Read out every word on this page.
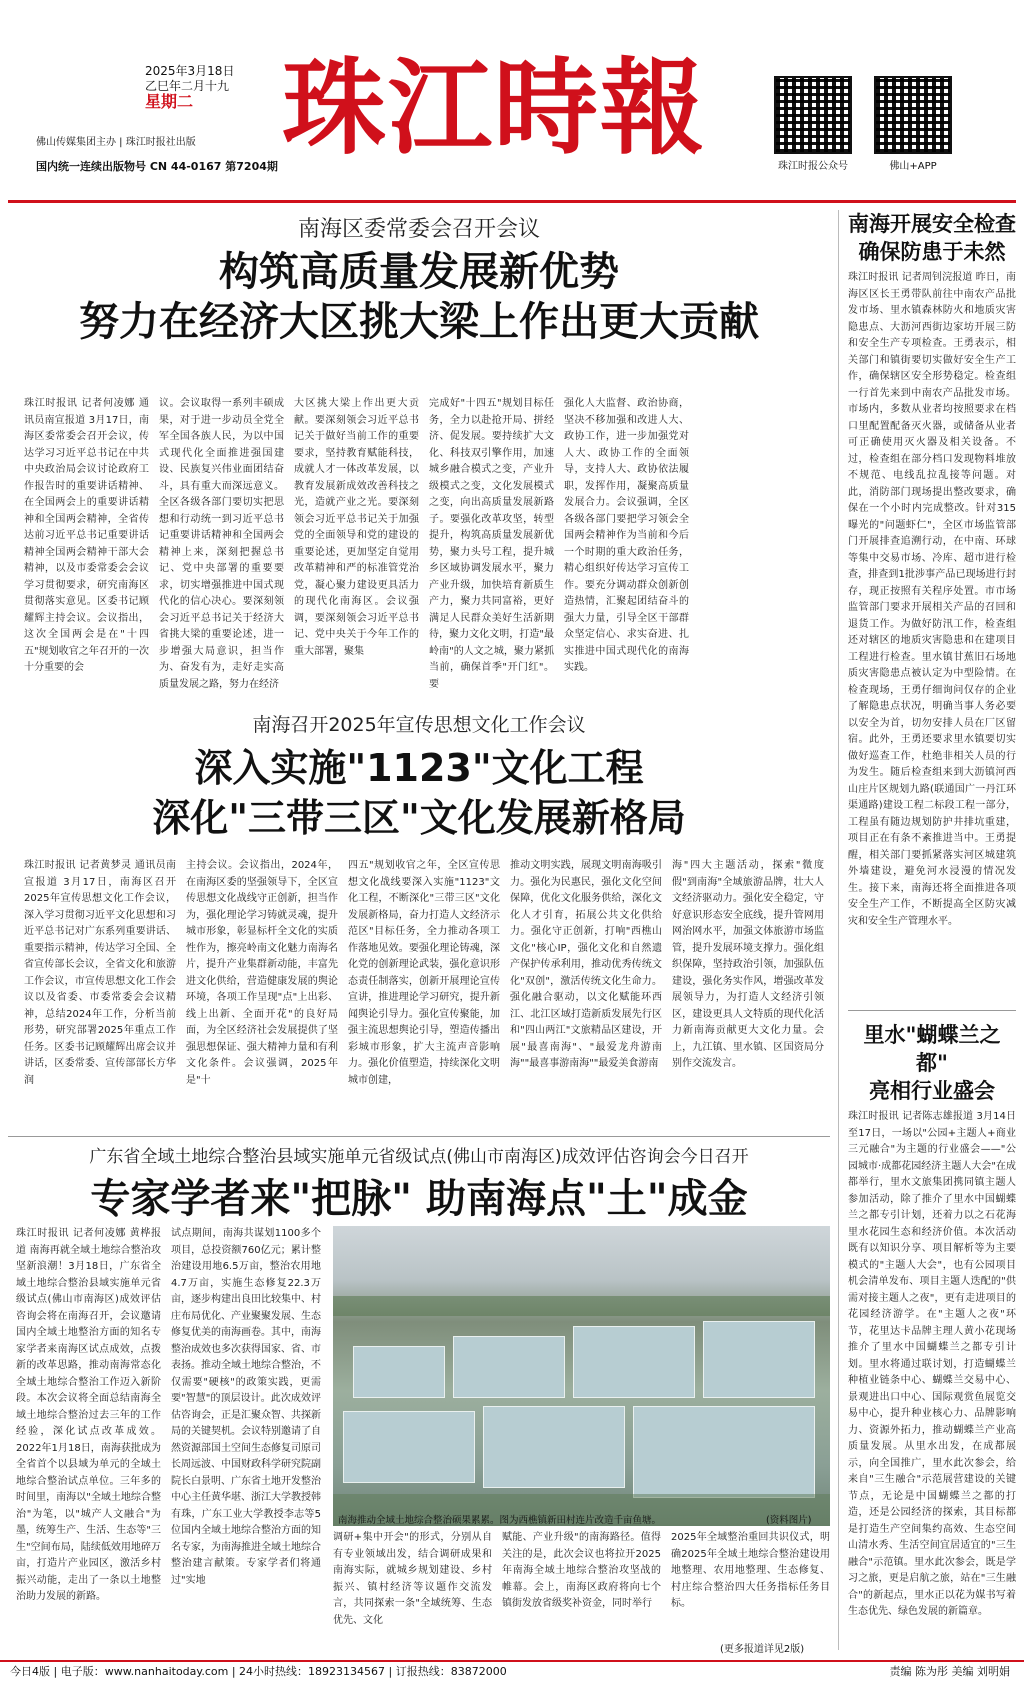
2025年3月18日
乙巳年二月十九
星期二
佛山传媒集团主办 | 珠江时报社出版
国内统一连续出版物号 CN 44-0167 第7204期 珠江時報	珠江时报公众号	佛山+APP
南海区委常委会召开会议
构筑高质量发展新优势
努力在经济大区挑大梁上作出更大贡献
珠江时报讯 记者何凌娜 通讯员南宣报道 3月17日，南海区委常委会召开会议，传达学习习近平总书记在中共中央政治局会议讨论政府工作报告时的重要讲话精神、在全国两会上的重要讲话精神和全国两会精神，全省传达前习近平总书记重要讲话精神全国两会精神干部大会精神，以及市委常委会会议学习贯彻要求，研究南海区贯彻落实意见。区委书记顾耀辉主持会议。会议指出，这次全国两会是在"十四五"规划收官之年召开的一次十分重要的会
议。会议取得一系列丰硕成果，对于进一步动员全党全军全国各族人民，为以中国式现代化全面推进强国建设、民族复兴伟业面团结奋斗，具有重大而深远意义。全区各级各部门要切实把思想和行动统一到习近平总书记重要讲话精神和全国两会精神上来，深刻把握总书记、党中央部署的重要要求，切实增强推进中国式现代化的信心决心。要深刻领会习近平总书记关于经济大省挑大梁的重要论述，进一步增强大局意识，担当作为、奋发有为，走好走实高质量发展之路，努力在经济
大区挑大梁上作出更大贡献。要深刻领会习近平总书记关于做好当前工作的重要要求，坚持教育赋能科技，成就人才一体改革发展，以教育发展新成效改善科技之光，造就产业之光。要深刻领会习近平总书记关于加强党的全面领导和党的建设的重要论述，更加坚定自觉用改革精神和严的标准管党治党，凝心聚力建设更具活力的现代化南海区。会议强调，要深刻领会习近平总书记、党中央关于今年工作的重大部署，聚集
完成好"十四五"规划目标任务，全力以赴抢开局、拼经济、促发展。要持续扩大文化、科技双引擎作用，加速城乡融合模式之变，产业升级模式之变，文化发展模式之变，向出高质量发展新路子。要强化改革攻坚，转型提升，构筑高质量发展新优势，聚力头号工程，提升城乡区域协调发展水平，聚力产业升级，加快培育新质生产力，聚力共同富裕，更好满足人民群众美好生活新期待，聚力文化文明，打造"最岭南"的人文之城，聚力紧抓当前，确保首季"开门红"。要
强化人大监督、政治协商，坚决不移加强和改进人大、政协工作，进一步加强党对人大、政协工作的全面领导，支持人大、政协依法履职，发挥作用，凝聚高质量发展合力。会议强调，全区各级各部门要把学习领会全国两会精神作为当前和今后一个时期的重大政治任务，精心组织好传达学习宣传工作。要充分调动群众创新创造热情，汇聚起团结奋斗的强大力量，引导全区干部群众坚定信心、求实奋进、扎实推进中国式现代化的南海实践。
南海召开2025年宣传思想文化工作会议
深入实施"1123"文化工程
深化"三带三区"文化发展新格局
珠江时报讯 记者黄梦灵 通讯员南宣报道 3月17日，南海区召开2025年宣传思想文化工作会议，深入学习贯彻习近平文化思想和习近平总书记对广东系列重要讲话、重要指示精神，传达学习全国、全省宣传部长会议，全省文化和旅游工作会议，市宣传思想文化工作会议以及省委、市委常委会会议精神，总结2024年工作，分析当前形势，研究部署2025年重点工作任务。区委书记顾耀辉出席会议并讲话，区委常委、宣传部部长方华润
主持会议。会议指出，2024年，在南海区委的坚强领导下，全区宣传思想文化战线守正创新，担当作为，强化理论学习铸就灵魂，提升城市形象，彰显标杆全文化的实质性作为，擦亮岭南文化魅力南海名片，提升产业集群新动能，丰富先进文化供给，营造健康发展的舆论环境，各项工作呈现"点"上出彩、线上出新、全面开花"的良好局面，为全区经济社会发展提供了坚强思想保证、强大精神力量和有利文化条件。会议强调，2025年是"十
四五"规划收官之年，全区宣传思想文化战线要深入实施"1123"文化工程，不断深化"三带三区"文化发展新格局，奋力打造人文经济示范区"目标任务，全力推动各项工作落地见效。要强化理论铸魂，深化党的创新理论武装，强化意识形态责任制落实，创新开展理论宣传宣讲，推进理论学习研究，提升新闻舆论引导力。强化宣传聚能，加强主流思想舆论引导，塑造传播出彩城市形象，扩大主流声音影响力。强化价值塑造，持续深化文明城市创建，
推动文明实践，展现文明南海吸引力。强化为民惠民，强化文化空间保障，优化文化服务供给，深化文化人才引育，拓展公共文化供给力。强化守正创新，打响"西樵山文化"核心IP，强化文化和自然遗产保护传承利用，推动优秀传统文化"双创"，激活传统文化生命力。强化融合驱动，以文化赋能环西江、北江区域打造新质发展先行区和"四山两江"文旅精品区建设，开展"最喜南海"、"最爱龙舟游南海""最喜事游南海""最爱美食游南
海"四大主题活动，探索"微度假"到南海"全域旅游品牌，壮大人文经济驱动力。强化安全稳定，守好意识形态安全底线，提升管网用网治网水平，加强文体旅游市场监管，提升发展环境支撑力。强化组织保障，坚持政治引领，加强队伍建设，强化务实作风，增强改革发展领导力，为打造人文经济引领区，建设更具人文特质的现代化活力新南海贡献更大文化力量。会上，九江镇、里水镇、区国资局分别作交流发言。
广东省全域土地综合整治县域实施单元省级试点(佛山市南海区)成效评估咨询会今日召开
专家学者来"把脉" 助南海点"土"成金
珠江时报讯 记者何凌娜 黄桦报道 南海再就全域土地综合整治攻坚新浪潮！3月18日，广东省全域土地综合整治县域实施单元省级试点(佛山市南海区)成效评估咨询会将在南海召开，会议邀请国内全域土地整治方面的知名专家学者来南海区试点成效，点拨新的改革思路，推动南海常态化全域土地综合整治工作迈入新阶段。本次会议将全面总结南海全域土地综合整治过去三年的工作经验，深化试点改革成效。2022年1月18日，南海获批成为全省首个以县域为单元的全域土地综合整治试点单位。三年多的时间里，南海以"全域土地综合整治"为笔，以"城产人文融合"为墨，统筹生产、生活、生态等"三生"空间布局，陆续低效用地碎万亩，打造片产业园区，激活乡村振兴动能，走出了一条以土地整治助力发展的新路。
试点期间，南海共谋划1100多个项目，总投资额760亿元；累计整治建设用地6.5万亩，整治农用地4.7万亩，实施生态修复22.3万亩，逐步构建出良田比较集中、村庄布局优化、产业聚聚发展、生态修复优美的南海画卷。其中，南海整治成效也多次获得国家、省、市表扬。推动全域土地综合整治，不仅需要"硬核"的政策实践，更需要"智慧"的顶层设计。此次成效评估咨询会，正是汇聚众智、共探新局的关键契机。会议特别邀请了自然资源部国土空间生态修复司原司长周远波、中国财政科学研究院副院长白景明、广东省土地开发整治中心主任黄华堪、浙江大学教授韩有珠，广东工业大学教授李志等5位国内全域土地综合整治方面的知名专家，为南海推进全域土地综合整治建言献策。专家学者们将通过"实地
南海推动全域土地综合整治硕果累累。图为西樵镇新田村连片改造千亩鱼塘。	(资料图片)
调研+集中开会"的形式，分别从自有专业领域出发，结合调研成果和南海实际，就城乡规划建设、乡村振兴、镇村经济等议题作交流发言，共同探索一条"全域统筹、生态优先、文化
赋能、产业升级"的南海路径。值得关注的是，此次会议也将拉开2025年南海全域土地综合整治攻坚战的帷幕。会上，南海区政府将向七个镇街发放省级奖补资金，同时举行
2025年全域整治重回共识仪式，明确2025年全域土地综合整治建设用地整理、农用地整理、生态修复、村庄综合整治四大任务指标任务目标。
(更多报道详见2版)
南海开展安全检查
确保防患于未然
珠江时报讯 记者周钊浣报道 昨日，南海区区长王勇带队前往中南农产品批发市场、里水镇森林防火和地质灾害隐患点、大沥河西街边家坊开展三防和安全生产专项检查。王勇表示，相关部门和镇街要切实做好安全生产工作，确保辖区安全形势稳定。检查组一行首先来到中南农产品批发市场。市场内，多数从业者均按照要求在档口里配置配备灭火器，或储备从业者可正确使用灭火器及相关设备。不过，检查组在部分档口发现物料堆放不规范、电线乱拉乱接等问题。对此，消防部门现场提出整改要求，确保在一个小时内完成整改。针对315曝光的"问题虾仁"，全区市场监管部门开展排查追溯行动，在中南、环球等集中交易市场、冷库、超市进行检查，排查到1批涉事产品已现场进行封存，现正按照有关程序处置。市市场监管部门要求开展相关产品的召回和退货工作。为做好防汛工作，检查组还对辖区的地质灾害隐患和在建项目工程进行检查。里水镇甘蕉旧石场地质灾害隐患点被认定为中型险情。在检查现场，王勇仔细询问仅存的企业了解隐患点状况，明确当事人务必要以安全为首，切勿安排人员在厂区留宿。此外，王勇还要求里水镇要切实做好巡查工作，杜绝非相关人员的行为发生。随后检查组来到大沥镇河西山庄片区规划九路(联通国广一丹江环渠通路)建设工程二标段工程一部分，工程虽有随边规划防护井排坑重建，项目正在有条不紊推进当中。王勇提醒，相关部门要抓紧落实河区城建筑外墙建设，避免河水浸漫的情况发生。接下来，南海还将全面推进各项安全生产工作，不断提高全区防灾减灾和安全生产管理水平。
里水"蝴蝶兰之都"
亮相行业盛会
珠江时报讯 记者陈志雄报道 3月14日至17日，一场以"公园+主题人+商业三元融合"为主题的行业盛会——"公园城市·成都花园经济主题人大会"在成都举行，里水文旅集团携同镇主题人参加活动，除了推介了里水中国蝴蝶兰之都专引计划，还着力以之石花海里水花园生态和经济价值。本次活动既有以知识分享、项目解析等为主要模式的"主题人大会"，也有公园项目机会清单发布、项目主题人迭配的"供需对接主题人之夜"，更有走进项目的花园经济游学。在"主题人之夜"环节，花里达卡品牌主理人黄小花现场推介了里水中国蝴蝶兰之都专引计划。里水将通过联讨划，打造蝴蝶兰种植业链条中心、蝴蝶兰交易中心、景观进出口中心、国际观赏鱼展览交易中心，提升种业核心力、品牌影响力、资源外拓力，推动蝴蝶兰产业高质量发展。从里水出发，在成都展示，向全国推广，里水此次参会，给来自"三生融合"示范展营建设的关键节点，无论是中国蝴蝶兰之都的打造，还是公园经济的探索，其目标都是打造生产空间集约高效、生态空间山清水秀、生活空间宜居适宜的"三生融合"示范镇。里水此次参会，既是学习之旅，更是启航之旅，站在"三生融合"的新起点，里水正以花为媒书写着生态优先、绿色发展的新篇章。
今日4版 | 电子版：www.nanhaitoday.com | 24小时热线：18923134567 | 订报热线：83872000	责编 陈为彤 美编 刘明娟
